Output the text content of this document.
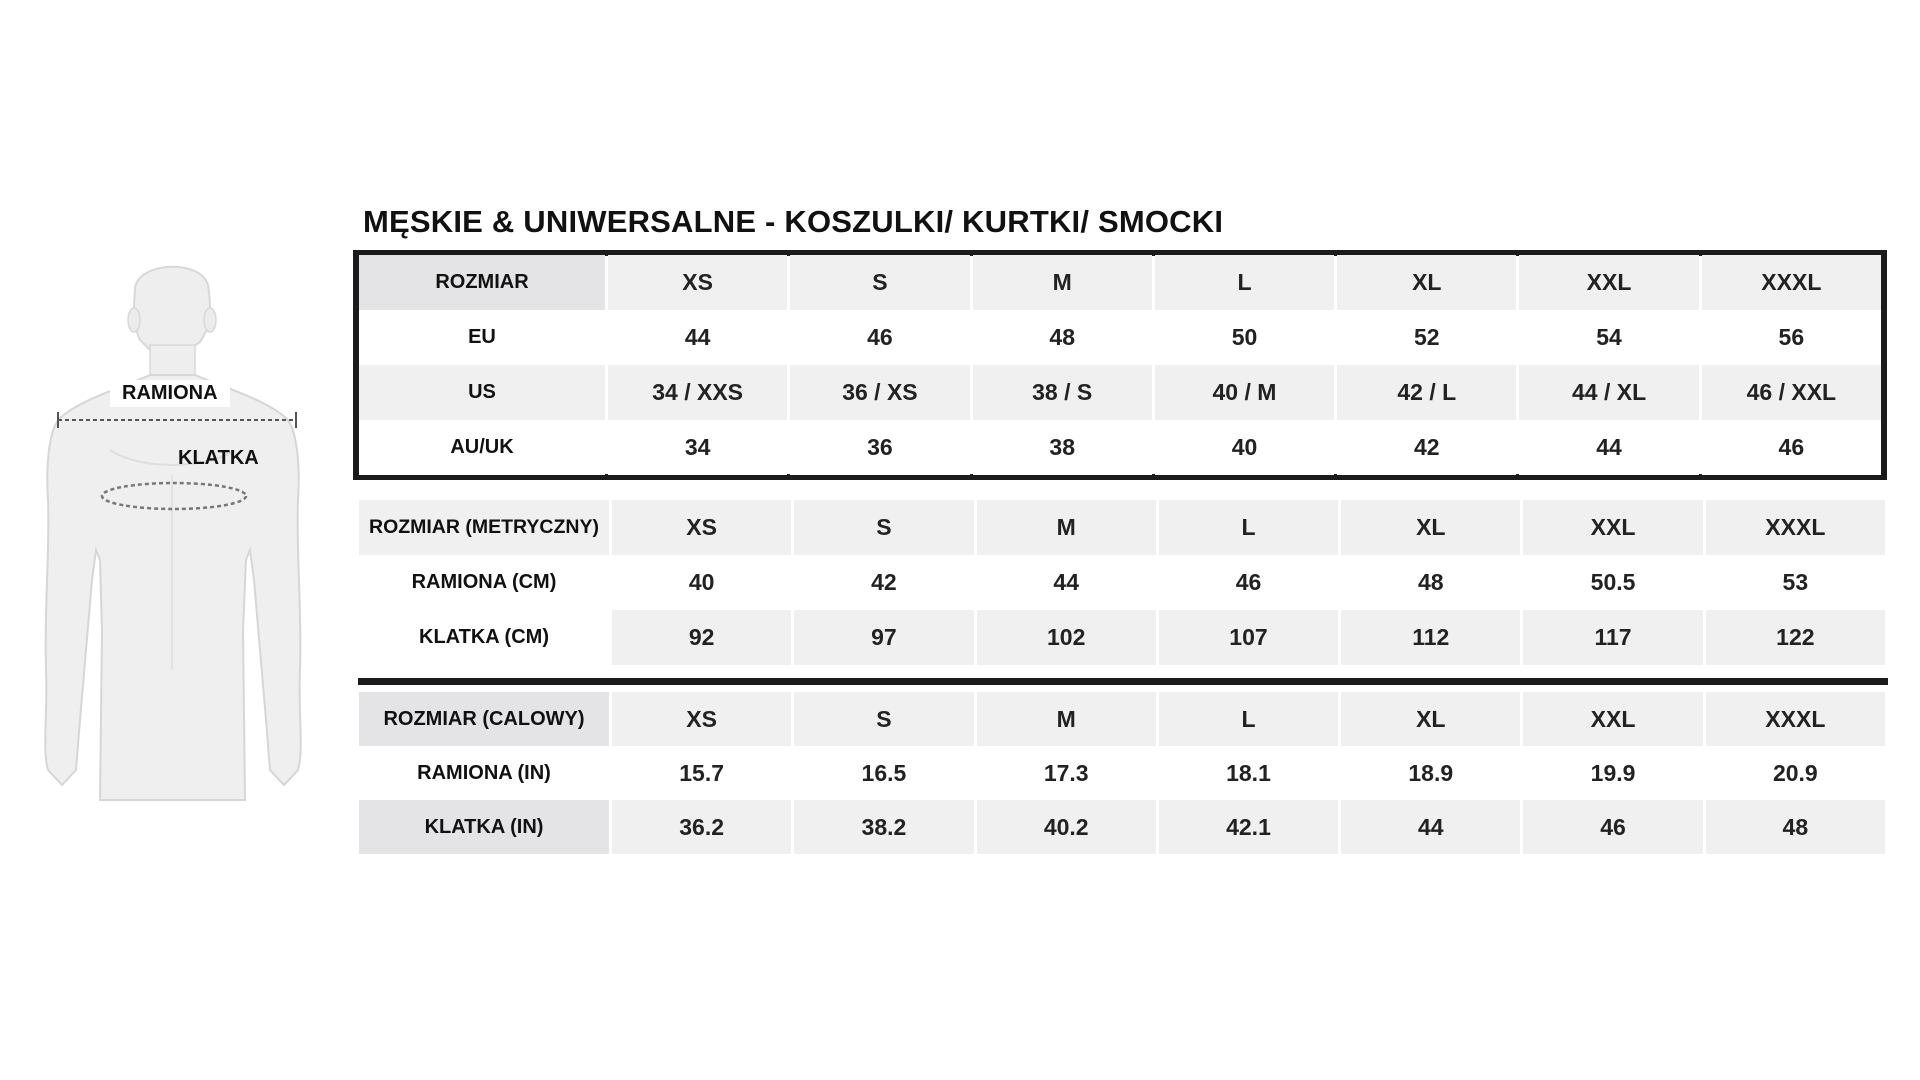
MĘSKIE & UNIWERSALNE - KOSZULKI/ KURTKI/ SMOCKI
RAMIONA
KLATKA
ROZMIAR	XS	S	M	L	XL	XXL	XXXL
EU	44	46	48	50	52	54	56
US	34 / XXS	36 / XS	38 / S	40 / M	42 / L	44 / XL	46 / XXL
AU/UK	34	36	38	40	42	44	46
ROZMIAR (METRYCZNY)	XS	S	M	L	XL	XXL	XXXL
RAMIONA (CM)	40	42	44	46	48	50.5	53
KLATKA (CM)	92	97	102	107	112	117	122
ROZMIAR (CALOWY)	XS	S	M	L	XL	XXL	XXXL
RAMIONA (IN)	15.7	16.5	17.3	18.1	18.9	19.9	20.9
KLATKA (IN)	36.2	38.2	40.2	42.1	44	46	48
